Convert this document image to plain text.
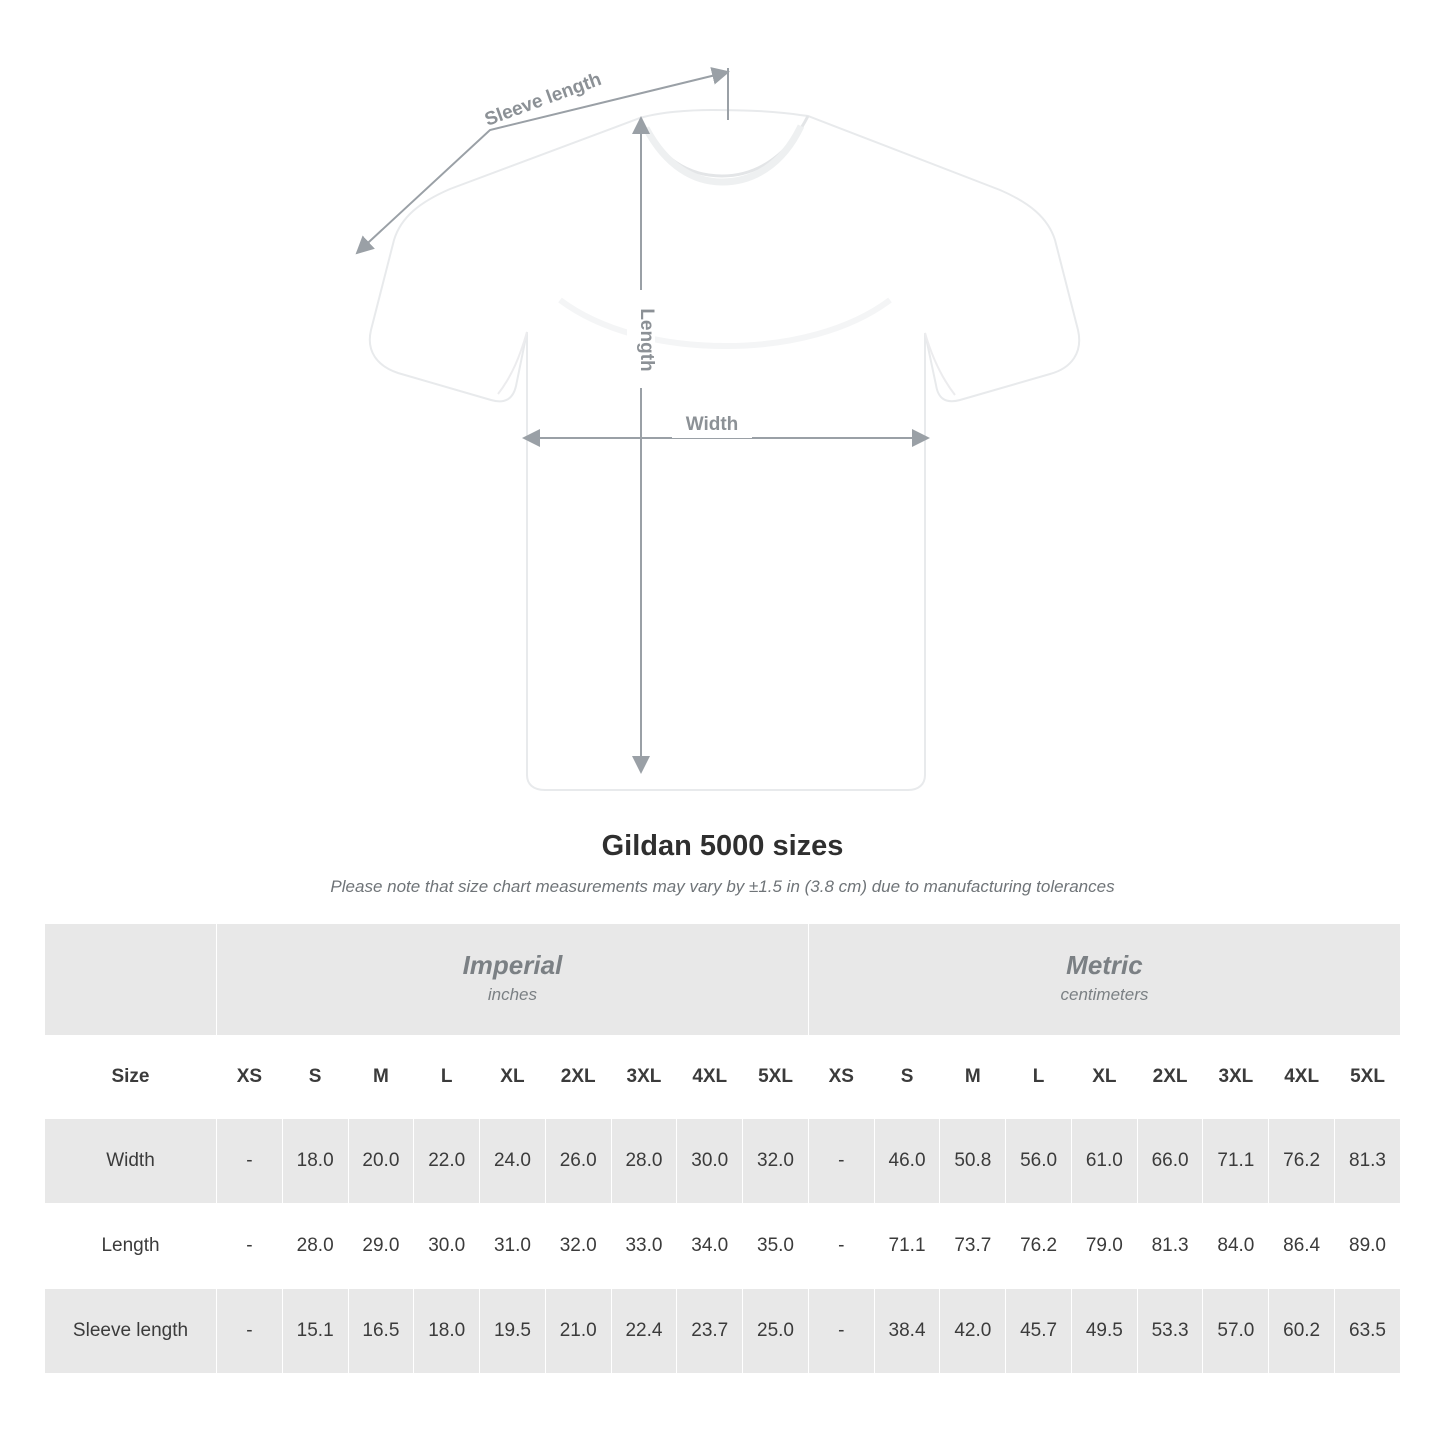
Sleeve length
Length
Width
Gildan 5000 sizes

Please note that size chart measurements may vary by ±1.5 in (3.8 cm) due to manufacturing tolerances

Imperial
inches

Metric
centimeters

Size	XS	S	M	L	XL	2XL	3XL	4XL	5XL	XS	S	M	L	XL	2XL	3XL	4XL	5XL
Width	-	18.0	20.0	22.0	24.0	26.0	28.0	30.0	32.0	-	46.0	50.8	56.0	61.0	66.0	71.1	76.2	81.3
Length	-	28.0	29.0	30.0	31.0	32.0	33.0	34.0	35.0	-	71.1	73.7	76.2	79.0	81.3	84.0	86.4	89.0
Sleeve length	-	15.1	16.5	18.0	19.5	21.0	22.4	23.7	25.0	-	38.4	42.0	45.7	49.5	53.3	57.0	60.2	63.5
